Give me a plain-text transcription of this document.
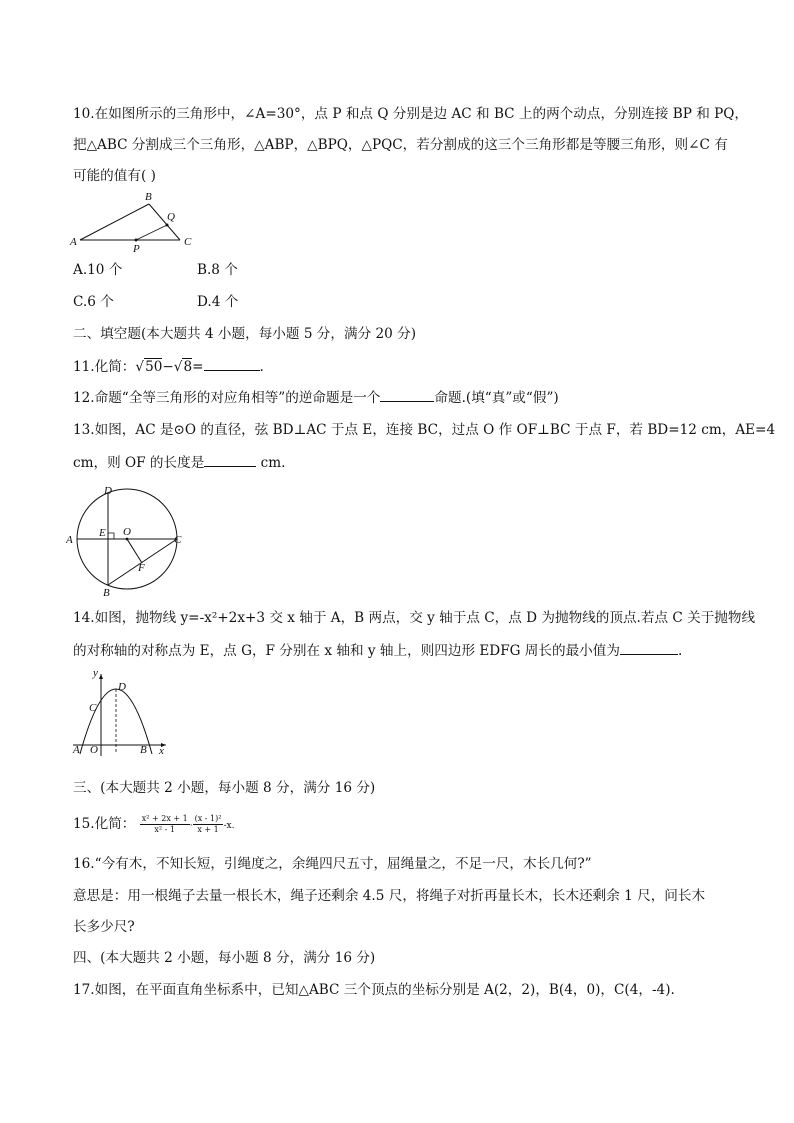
10.在如图所示的三角形中，∠A=30°，点 P 和点 Q 分别是边 AC 和 BC 上的两个动点，分别连接 BP 和 PQ，
把△ABC 分割成三个三角形，△ABP，△BPQ，△PQC，若分割成的这三个三角形都是等腰三角形，则∠C 有
可能的值有( )
A
B
C
P
Q
A.10 个	B.8 个
C.6 个	D.4 个
二、填空题(本大题共 4 小题，每小题 5 分，满分 20 分)
11.化简：√50−√8=	.
12.命题“全等三角形的对应角相等”的逆命题是一个	命题.(填“真”或“假”)
13.如图，AC 是⊙O 的直径，弦 BD⊥AC 于点 E，连接 BC，过点 O 作 OF⊥BC 于点 F，若 BD=12 cm，AE=4
cm，则 OF 的长度是	cm.
A
D
E O
C
F
B
14.如图，抛物线 y=-x²+2x+3 交 x 轴于 A，B 两点，交 y 轴于点 C，点 D 为抛物线的顶点.若点 C 关于抛物线
的对称轴的对称点为 E，点 G，F 分别在 x 轴和 y 轴上，则四边形 EDFG 周长的最小值为	.
y
D
C
A O	B x
三、(本大题共 2 小题，每小题 8 分，满分 16 分)
15.化简： $\frac{\text{x² + 2x + 1}}{\text{x² - 1}} \cdot \frac{\text{(x - 1)²}}{x + 1} -x$.
16.“今有木，不知长短，引绳度之，余绳四尺五寸，屈绳量之，不足一尺，木长几何?”
意思是：用一根绳子去量一根长木，绳子还剩余 4.5 尺，将绳子对折再量长木，长木还剩余 1 尺，问长木
长多少尺?
四、(本大题共 2 小题，每小题 8 分，满分 16 分)
17.如图，在平面直角坐标系中，已知△ABC 三个顶点的坐标分别是 A(2，2)，B(4，0)，C(4，-4).
